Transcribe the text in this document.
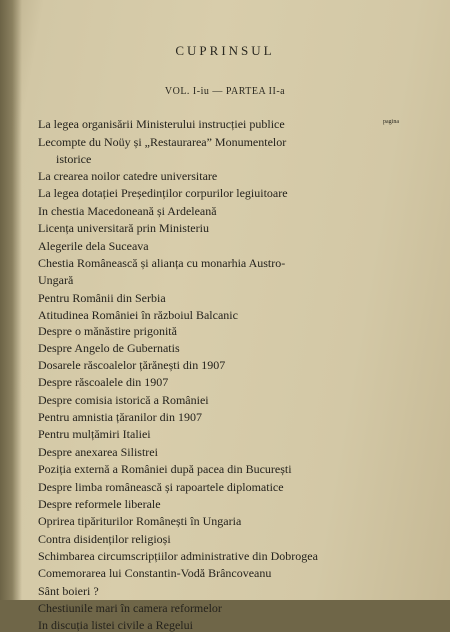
CUPRINSUL
VOL. I-iu — PARTEA II-a
pagina
La legea organisării Ministerului instrucției publice
Lecompte du Noüy și „Restaurarea” Monumentelor
istorice
La crearea noilor catedre universitare
La legea dotației Președinților corpurilor legiuitoare
In chestia Macedoneană și Ardeleană
Licența universitară prin Ministeriu
Alegerile dela Suceava
Chestia Românească și alianța cu monarhia Austro-
Ungară
Pentru Românii din Serbia
Atitudinea României în războiul Balcanic
Despre o mănăstire prigonită
Despre Angelo de Gubernatis
Dosarele răscoalelor țărănești din 1907
Despre răscoalele din 1907
Despre comisia istorică a României
Pentru amnistia țăranilor din 1907
Pentru mulțămiri Italiei
Despre anexarea Silistrei
Poziția externă a României după pacea din București
Despre limba românească și rapoartele diplomatice
Despre reformele liberale
Oprirea tipăriturilor Românești în Ungaria
Contra disidenților religioși
Schimbarea circumscripțiilor administrative din Dobrogea
Comemorarea lui Constantin-Vodă Brâncoveanu
Sânt boieri ?
Chestiunile mari în camera reformelor
In discuția listei civile a Regelui
